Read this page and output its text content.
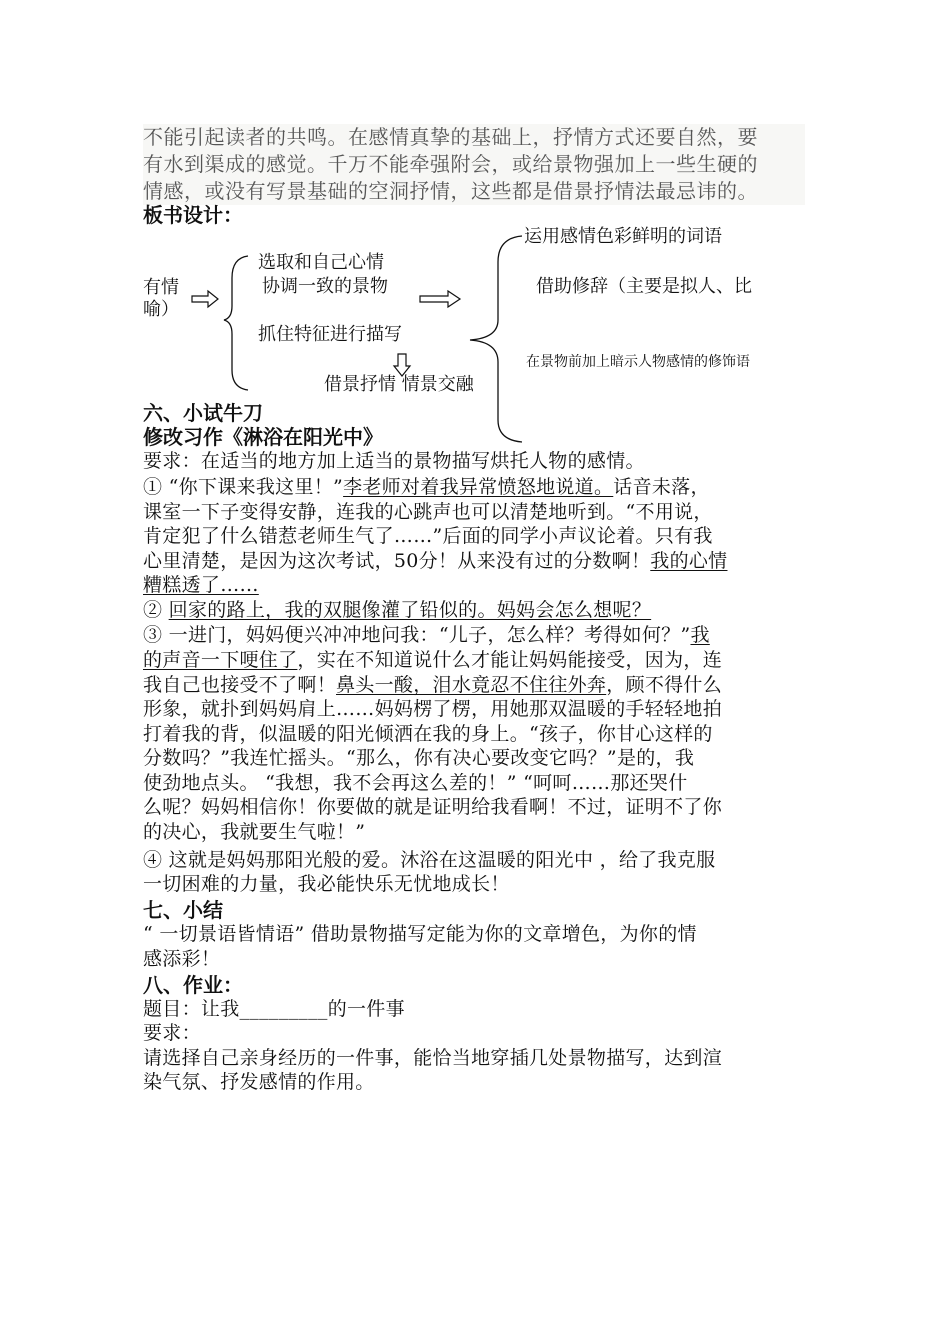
不能引起读者的共鸣。在感情真挚的基础上，抒情方式还要自然，要

有水到渠成的感觉。千万不能牵强附会，或给景物强加上一些生硬的

情感，或没有写景基础的空洞抒情，这些都是借景抒情法最忌讳的。

板书设计：
有情
喻）
选取和自己心情
协调一致的景物
抓住特征进行描写
借景抒情 情景交融
运用感情色彩鲜明的词语
借助修辞（主要是拟人、比
在景物前加上暗示人物感情的修饰语
六、小试牛刀
修改习作《淋浴在阳光中》
要求：在适当的地方加上适当的景物描写烘托人物的感情。
① “你下课来我这里！”李老师对着我异常愤怒地说道。话音未落，
课室一下子变得安静，连我的心跳声也可以清楚地听到。“不用说，
肯定犯了什么错惹老师生气了……”后面的同学小声议论着。只有我
心里清楚，是因为这次考试，50分！从来没有过的分数啊！我的心情
糟糕透了……
② 回家的路上，我的双腿像灌了铅似的。妈妈会怎么想呢？
③ 一进门，妈妈便兴冲冲地问我：“儿子，怎么样？考得如何？”我
的声音一下哽住了，实在不知道说什么才能让妈妈能接受，因为，连
我自己也接受不了啊！鼻头一酸，泪水竟忍不住往外奔，顾不得什么
形象，就扑到妈妈肩上……妈妈楞了楞，用她那双温暖的手轻轻地拍
打着我的背，似温暖的阳光倾洒在我的身上。“孩子，你甘心这样的
分数吗？”我连忙摇头。“那么，你有决心要改变它吗？”是的，我
使劲地点头。 “我想，我不会再这么差的！” “呵呵……那还哭什
么呢？妈妈相信你！你要做的就是证明给我看啊！不过，证明不了你
的决心，我就要生气啦！”
④ 这就是妈妈那阳光般的爱。沐浴在这温暖的阳光中 ，给了我克服
一切困难的力量，我必能快乐无忧地成长！
七、小结
“ 一切景语皆情语” 借助景物描写定能为你的文章增色，为你的情
感添彩！
八、作业：
题目：让我_________的一件事
要求：
请选择自己亲身经历的一件事，能恰当地穿插几处景物描写，达到渲
染气氛、抒发感情的作用。
